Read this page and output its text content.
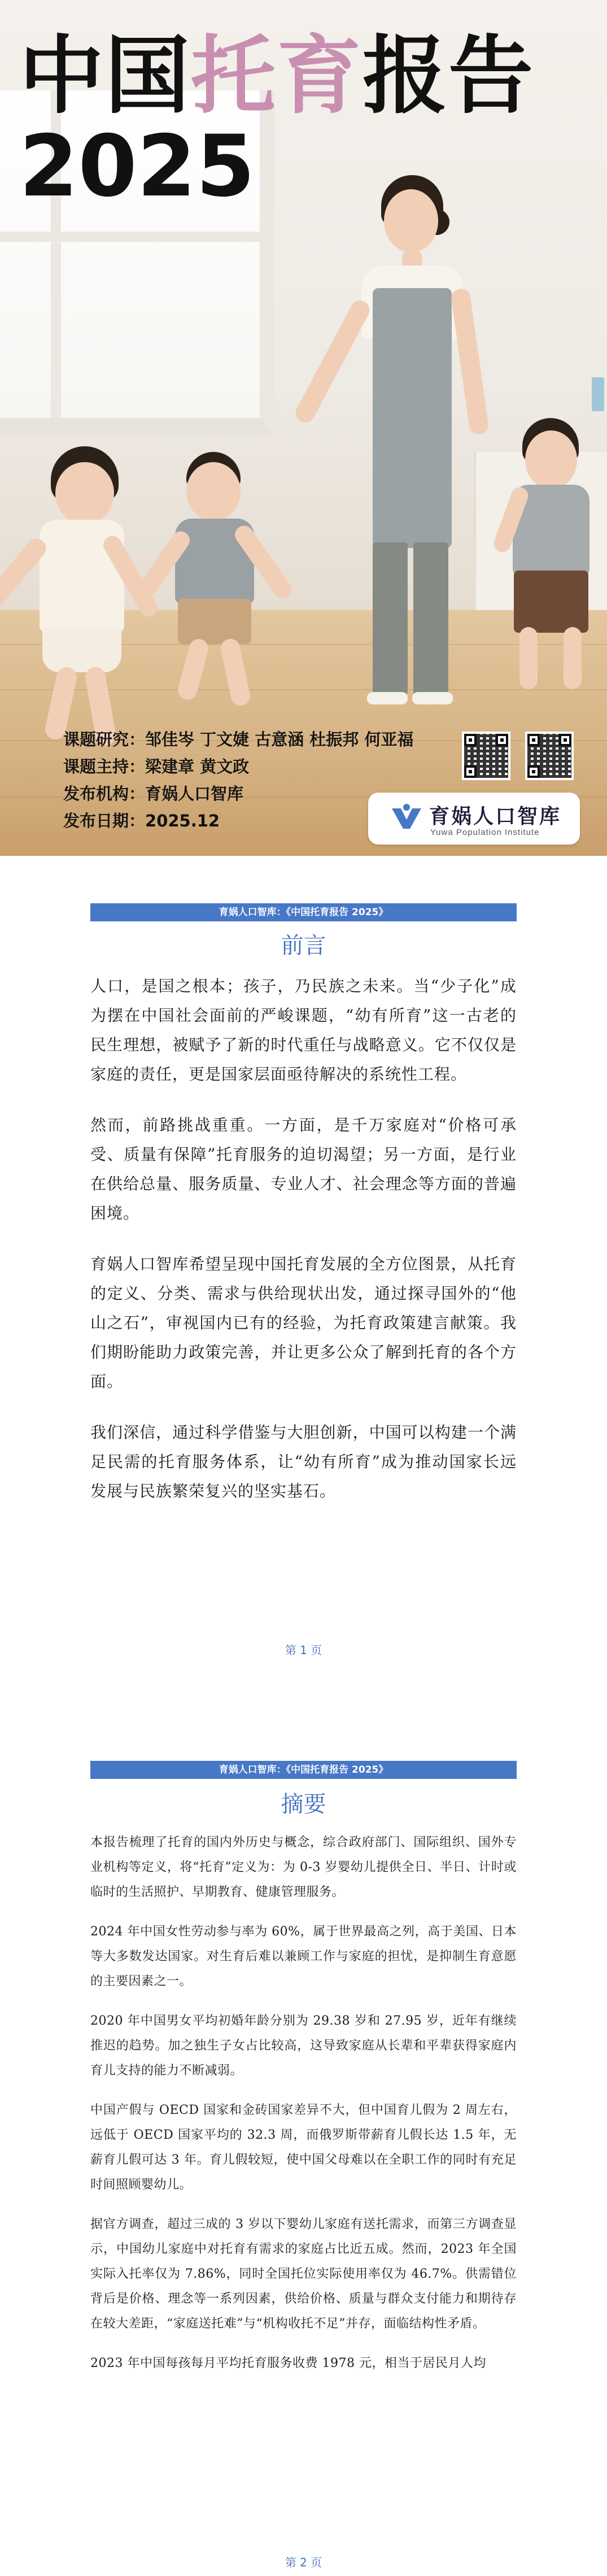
中国托育报告
2025
课题研究：邹佳岑 丁文婕 古意涵 杜振邦 何亚福
课题主持：梁建章 黄文政
发布机构：育娲人口智库
发布日期：2025.12	育娲人口智库
Yuwa Population Institute
育娲人口智库：《中国托育报告 2025》
前言

人口，是国之根本；孩子，乃民族之未来。当“少子化”成为摆在中国社会面前的严峻课题，“幼有所育”这一古老的民生理想，被赋予了新的时代重任与战略意义。它不仅仅是家庭的责任，更是国家层面亟待解决的系统性工程。

然而，前路挑战重重。一方面，是千万家庭对“价格可承受、质量有保障”托育服务的迫切渴望；另一方面，是行业在供给总量、服务质量、专业人才、社会理念等方面的普遍困境。

育娲人口智库希望呈现中国托育发展的全方位图景，从托育的定义、分类、需求与供给现状出发，通过探寻国外的“他山之石”，审视国内已有的经验，为托育政策建言献策。我们期盼能助力政策完善，并让更多公众了解到托育的各个方面。

我们深信，通过科学借鉴与大胆创新，中国可以构建一个满足民需的托育服务体系，让“幼有所育”成为推动国家长远发展与民族繁荣复兴的坚实基石。

第 1 页
育娲人口智库：《中国托育报告 2025》
摘要

本报告梳理了托育的国内外历史与概念，综合政府部门、国际组织、国外专业机构等定义，将“托育”定义为：为 0-3 岁婴幼儿提供全日、半日、计时或临时的生活照护、早期教育、健康管理服务。

2024 年中国女性劳动参与率为 60%，属于世界最高之列，高于美国、日本等大多数发达国家。对生育后难以兼顾工作与家庭的担忧，是抑制生育意愿的主要因素之一。

2020 年中国男女平均初婚年龄分别为 29.38 岁和 27.95 岁，近年有继续推迟的趋势。加之独生子女占比较高，这导致家庭从长辈和平辈获得家庭内育儿支持的能力不断减弱。

中国产假与 OECD 国家和金砖国家差异不大，但中国育儿假为 2 周左右，远低于 OECD 国家平均的 32.3 周，而俄罗斯带薪育儿假长达 1.5 年，无薪育儿假可达 3 年。育儿假较短，使中国父母难以在全职工作的同时有充足时间照顾婴幼儿。

据官方调查，超过三成的 3 岁以下婴幼儿家庭有送托需求，而第三方调查显示，中国幼儿家庭中对托育有需求的家庭占比近五成。然而，2023 年全国实际入托率仅为 7.86%，同时全国托位实际使用率仅为 46.7%。供需错位背后是价格、理念等一系列因素，供给价格、质量与群众支付能力和期待存在较大差距，“家庭送托难”与“机构收托不足”并存，面临结构性矛盾。

2023 年中国每孩每月平均托育服务收费 1978 元，相当于居民月人均

第 2 页
